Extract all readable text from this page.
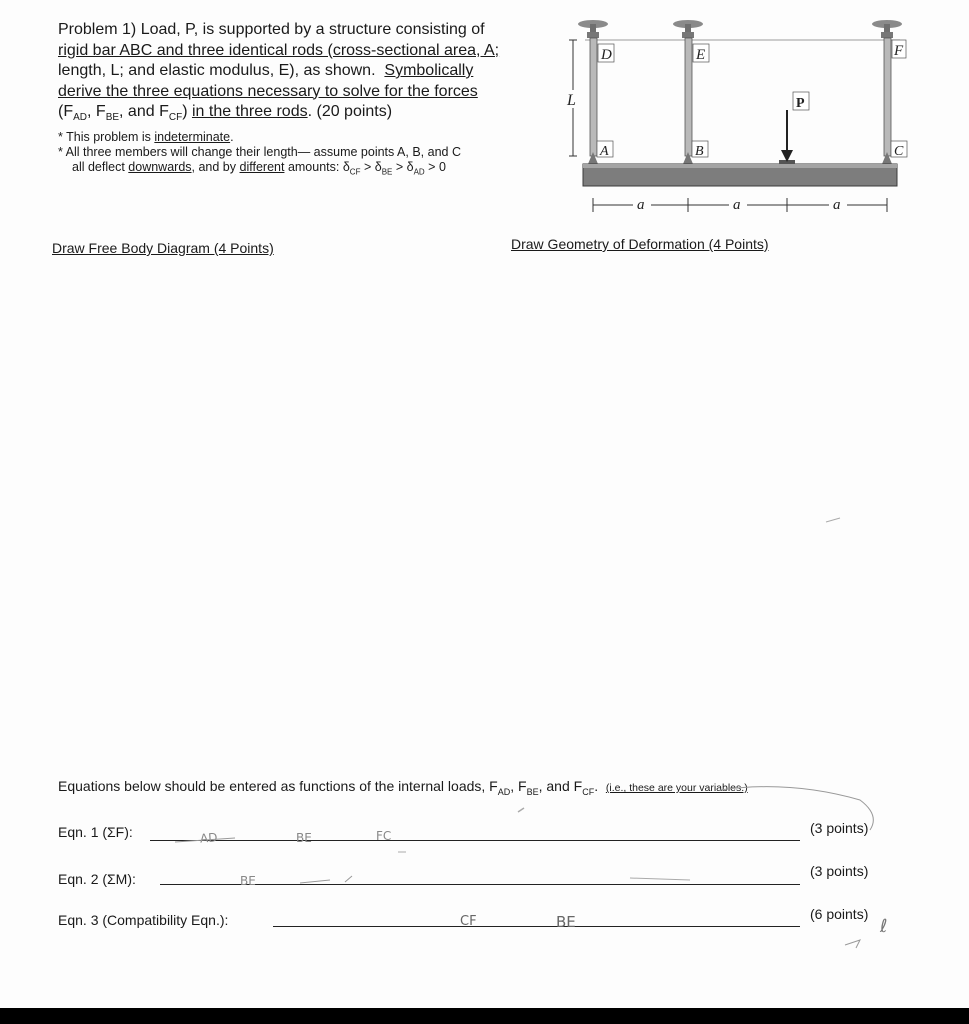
Problem 1) Load, P, is supported by a structure consisting of
rigid bar ABC and three identical rods (cross-sectional area, A;
length, L; and elastic modulus, E), as shown. Symbolically
derive the three equations necessary to solve for the forces
($F_{AD}$, $F_{BE}$, and $F_{CF}$) in the three rods. (20 points)
* This problem is indeterminate.
* All three members will change their length— assume points A, B, and C
all deflect downwards, and by different amounts: $\delta_{CF} > \delta_{BE} > \delta_{AD} > 0$
D	E	F
P
A	B	C
L
a	a	a
Draw Free Body Diagram (4 Points)	Draw Geometry of Deformation (4 Points)
Equations below should be entered as functions of the internal loads, $F_{AD}$, $F_{BE}$, and $F_{CF}$. (i.e., these are your variables.)
Eqn. 1 (ΣF):	(3 points)
Eqn. 2 (ΣM):	(3 points)
Eqn. 3 (Compatibility Eqn.):	(6 points)
AD	BE	FC
BE
CF	BE	ℓ
